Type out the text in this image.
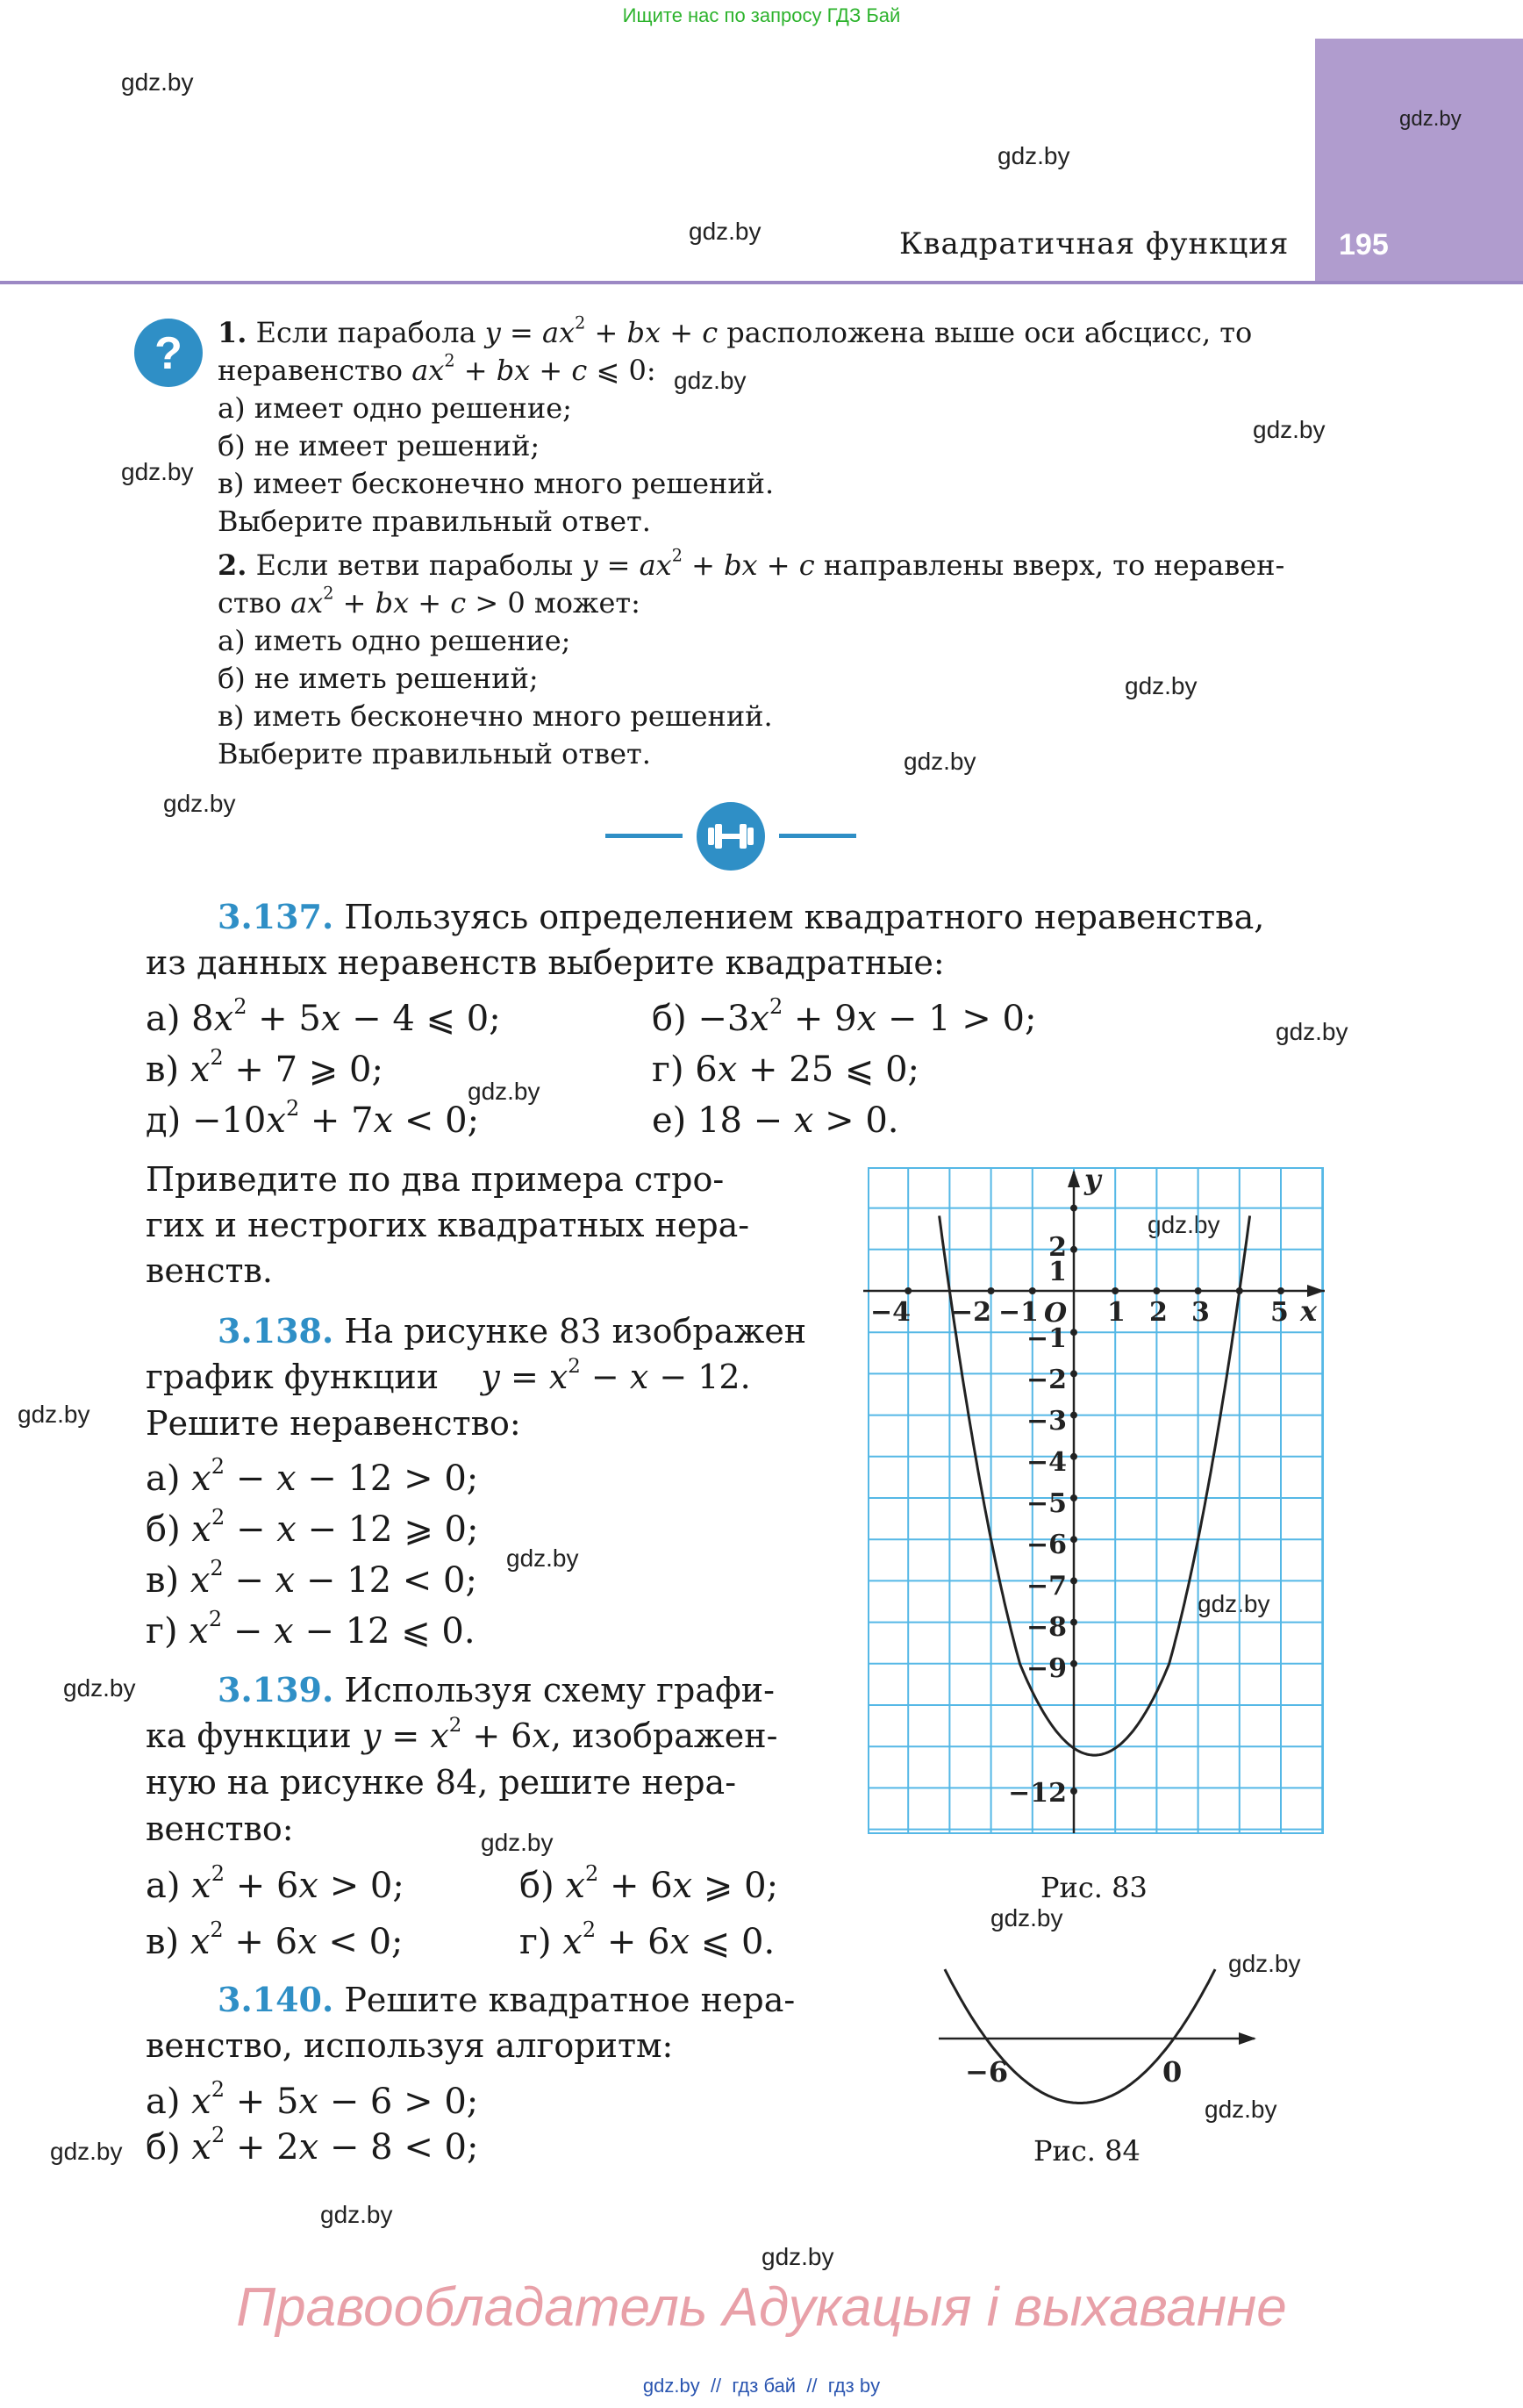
Ищите нас по запросу ГДЗ Бай
Квадратичная функция 195
gdz.by
gdz.by
gdz.by
gdz.by
gdz.by
gdz.by
gdz.by
gdz.by
gdz.by
gdz.by
gdz.by
gdz.by
gdz.by
gdz.by
gdz.by
gdz.by
gdz.by
gdz.by
gdz.by
gdz.by
gdz.by
gdz.by
gdz.by
gdz.by
? 1. Если парабола $y = ax^2$ + bx + c расположена выше оси абсцисс, то
неравенство $ax^2$ + bx + c ⩽ 0:
а) имеет одно решение;
б) не имеет решений;
в) имеет бесконечно много решений.
Выберите правильный ответ.
2. Если ветви параболы $y = ax^2$ + bx + c направлены вверх, то неравен-
ство $ax^2$ + bx + c > 0 может:
а) иметь одно решение;
б) не иметь решений;
в) иметь бесконечно много решений.
Выберите правильный ответ.
3.137. Пользуясь определением квадратного неравенства,
из данных неравенств выберите квадратные:
а) $8x^2 + 5x - 4$ ⩽ 0;	$б) -3x^2 + 9x - 1 > 0$;
в) $x^2 + 7$ ⩾ 0;	г) 6x + 25 ⩽ 0;
$д) -10x^2 + 7x < 0$;	е) 18 − x > 0.
Приведите по два примера стро-
гих и нестрогих квадратных нера-
венств.
3.138. На рисунке 83 изображен
график функции $y = x^2 - x - 12$.
Решите неравенство:
а) $x^2 - x - 12 > 0$;
б) $x^2 - x - 12$ ⩾ 0;
в) $x^2 - x - 12 < 0$;
г) $x^2 - x - 12$ ⩽ 0.
3.139. Используя схему графи-
ка функции $y = x^2 + 6x$, изображен-
ную на рисунке 84, решите нера-
венство:
а) $x^2 + 6x > 0$;	б) $x^2 + 6x$ ⩾ 0;
в) $x^2 + 6x < 0$;	г) $x^2 + 6x$ ⩽ 0.
3.140. Решите квадратное нера-
венство, используя алгоритм:
а) $x^2 + 5x - 6 > 0$;
б) $x^2 + 2x - 8 < 0$;
y
x
O
−4 −2 −1	1 2 3 5
2
1
−1
−2
−3
−4
−5
−6
−7
−8
−9
−12
Рис. 83
−6	0
Рис. 84
Правообладатель Адукацыя і выхаванне
gdz.by  //  гдз бай  //  гдз by
